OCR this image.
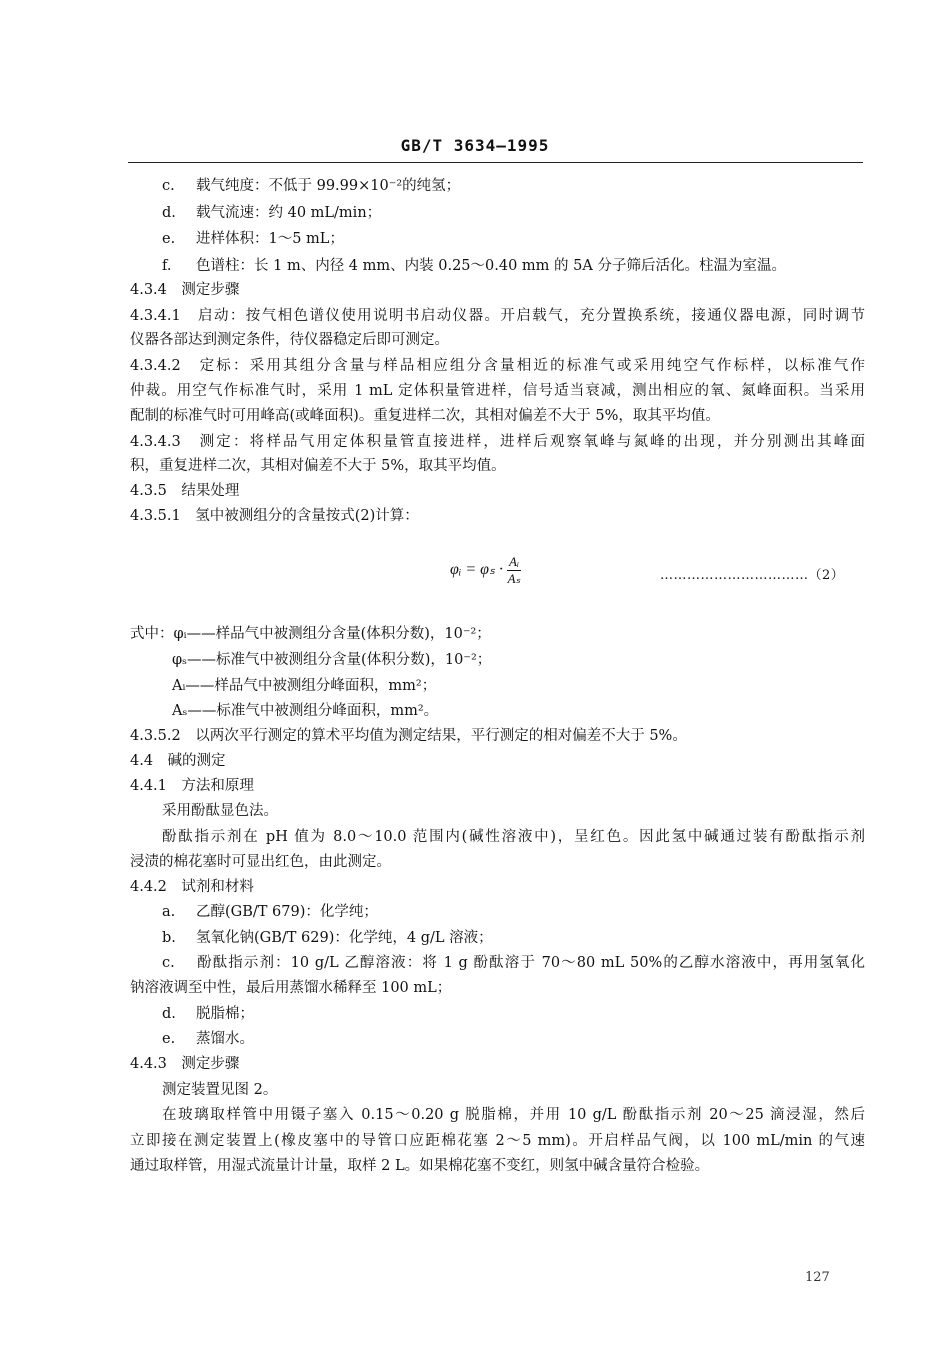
GB/T 3634—1995
c. 载气纯度：不低于 99.99×10⁻²的纯氢；
d. 载气流速：约 40 mL/min；
e. 进样体积：1～5 mL；
f. 色谱柱：长 1 m、内径 4 mm、内装 0.25～0.40 mm 的 5A 分子筛后活化。柱温为室温。
4.3.4　测定步骤
4.3.4.1　启动：按气相色谱仪使用说明书启动仪器。开启载气，充分置换系统，接通仪器电源，同时调节
仪器各部达到测定条件，待仪器稳定后即可测定。
4.3.4.2　定标：采用其组分含量与样品相应组分含量相近的标准气或采用纯空气作标样，以标准气作
仲裁。用空气作标准气时，采用 1 mL 定体积量管进样，信号适当衰减，测出相应的氧、氮峰面积。当采用
配制的标准气时可用峰高(或峰面积)。重复进样二次，其相对偏差不大于 5%，取其平均值。
4.3.4.3　测定：将样品气用定体积量管直接进样，进样后观察氧峰与氮峰的出现，并分别测出其峰面
积，重复进样二次，其相对偏差不大于 5%，取其平均值。
4.3.5　结果处理
4.3.5.1　氢中被测组分的含量按式(2)计算：
φᵢ = $\varphi_s \cdot \frac{\text{Aᵢ}}{\text{Aₛ}}$	……………………………（2）
式中：φᵢ——样品气中被测组分含量(体积分数)，10⁻²；
φₛ——标准气中被测组分含量(体积分数)，10⁻²；
Aᵢ——样品气中被测组分峰面积，mm²；
Aₛ——标准气中被测组分峰面积，mm²。
4.3.5.2　以两次平行测定的算术平均值为测定结果，平行测定的相对偏差不大于 5%。
4.4　碱的测定
4.4.1　方法和原理
采用酚酞显色法。
酚酞指示剂在 pH 值为 8.0～10.0 范围内(碱性溶液中)，呈红色。因此氢中碱通过装有酚酞指示剂
浸渍的棉花塞时可显出红色，由此测定。
4.4.2　试剂和材料
a. 乙醇(GB/T 679)：化学纯；
b. 氢氧化钠(GB/T 629)：化学纯，4 g/L 溶液；
c. 酚酞指示剂：10 g/L 乙醇溶液：将 1 g 酚酞溶于 70～80 mL 50%的乙醇水溶液中，再用氢氧化
钠溶液调至中性，最后用蒸馏水稀释至 100 mL；
d. 脱脂棉；
e. 蒸馏水。
4.4.3　测定步骤
测定装置见图 2。
在玻璃取样管中用镊子塞入 0.15～0.20 g 脱脂棉，并用 10 g/L 酚酞指示剂 20～25 滴浸湿，然后
立即接在测定装置上(橡皮塞中的导管口应距棉花塞 2～5 mm)。开启样品气阀，以 100 mL/min 的气速
通过取样管，用湿式流量计计量，取样 2 L。如果棉花塞不变红，则氢中碱含量符合检验。
127
